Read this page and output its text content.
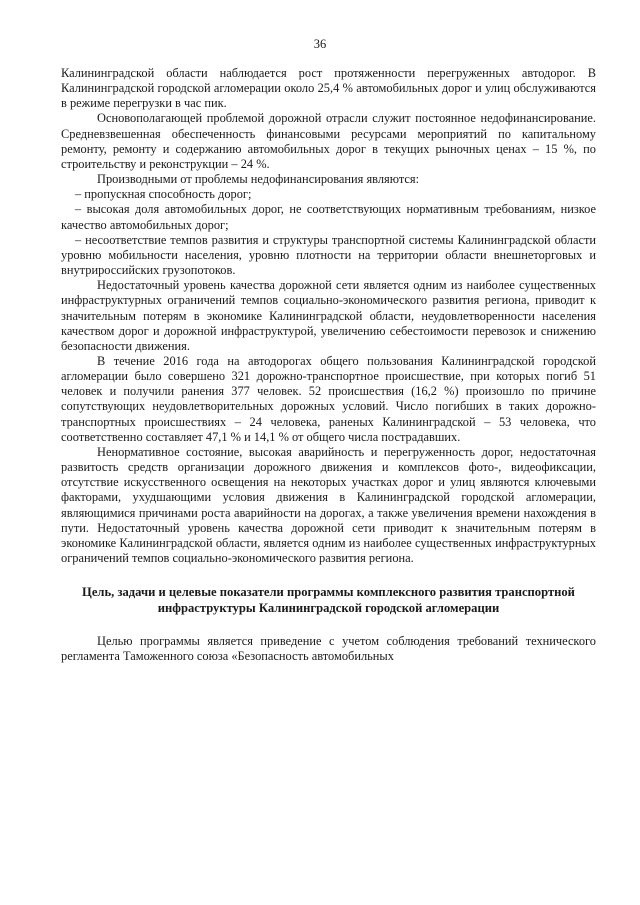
36

Калининградской области наблюдается рост протяженности перегруженных автодорог. В Калининградской городской агломерации около 25,4 % автомобильных дорог и улиц обслуживаются в режиме перегрузки в час пик.

Основополагающей проблемой дорожной отрасли служит постоянное недофинансирование. Средневзвешенная обеспеченность финансовыми ресурсами мероприятий по капитальному ремонту, ремонту и содержанию автомобильных дорог в текущих рыночных ценах – 15 %, по строительству и реконструкции – 24 %.

Производными от проблемы недофинансирования являются:

– пропускная способность дорог;

– высокая доля автомобильных дорог, не соответствующих нормативным требованиям, низкое качество автомобильных дорог;

– несоответствие темпов развития и структуры транспортной системы Калининградской области уровню мобильности населения, уровню плотности на территории области внешнеторговых и внутрироссийских грузопотоков.

Недостаточный уровень качества дорожной сети является одним из наиболее существенных инфраструктурных ограничений темпов социально-экономического развития региона, приводит к значительным потерям в экономике Калининградской области, неудовлетворенности населения качеством дорог и дорожной инфраструктурой, увеличению себестоимости перевозок и снижению безопасности движения.

В течение 2016 года на автодорогах общего пользования Калининградской городской агломерации было совершено 321 дорожно-транспортное происшествие, при которых погиб 51 человек и получили ранения 377 человек. 52 происшествия (16,2 %) произошло по причине сопутствующих неудовлетворительных дорожных условий. Число погибших в таких дорожно-транспортных происшествиях – 24 человека, раненых Калининградской – 53 человека, что соответственно составляет 47,1 % и 14,1 % от общего числа пострадавших.

Ненормативное состояние, высокая аварийность и перегруженность дорог, недостаточная развитость средств организации дорожного движения и комплексов фото-, видеофиксации, отсутствие искусственного освещения на некоторых участках дорог и улиц являются ключевыми факторами, ухудшающими условия движения в Калининградской городской агломерации, являющимися причинами роста аварийности на дорогах, а также увеличения времени нахождения в пути. Недостаточный уровень качества дорожной сети приводит к значительным потерям в экономике Калининградской области, является одним из наиболее существенных инфраструктурных ограничений темпов социально-экономического развития региона.

Цель, задачи и целевые показатели программы комплексного развития транспортной инфраструктуры Калининградской городской агломерации

Целью программы является приведение с учетом соблюдения требований технического регламента Таможенного союза «Безопасность автомобильных
